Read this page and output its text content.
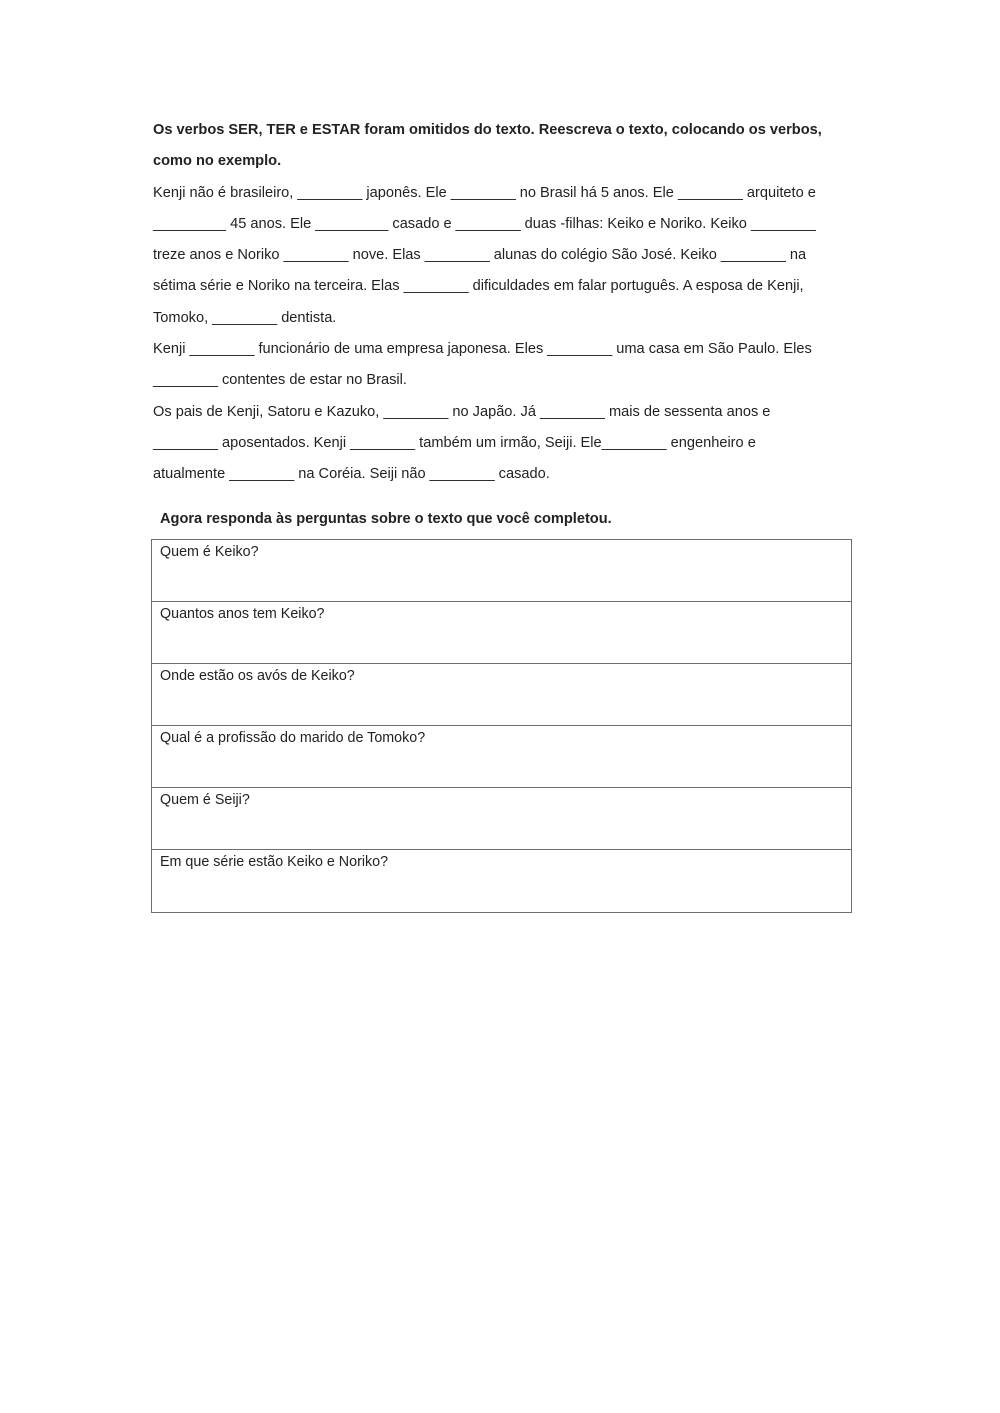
Os verbos SER, TER e ESTAR foram omitidos do texto. Reescreva o texto, colocando os verbos,
como no exemplo.
Kenji não é brasileiro, ________ japonês. Ele ________ no Brasil há 5 anos. Ele ________ arquiteto e
_________ 45 anos. Ele _________ casado e ________ duas -filhas: Keiko e Noriko. Keiko ________
treze anos e Noriko ________ nove. Elas ________ alunas do colégio São José. Keiko ________ na
sétima série e Noriko na terceira. Elas ________ dificuldades em falar português. A esposa de Kenji,
Tomoko, ________ dentista.
Kenji ________ funcionário de uma empresa japonesa. Eles ________ uma casa em São Paulo. Eles
________ contentes de estar no Brasil.
Os pais de Kenji, Satoru e Kazuko, ________ no Japão. Já ________ mais de sessenta anos e
________ aposentados. Kenji ________ também um irmão, Seiji. Ele________ engenheiro e
atualmente ________ na Coréia. Seiji não ________ casado.
Agora responda às perguntas sobre o texto que você completou.
Quem é Keiko?
Quantos anos tem Keiko?
Onde estão os avós de Keiko?
Qual é a profissão do marido de Tomoko?
Quem é Seiji?
Em que série estão Keiko e Noriko?
